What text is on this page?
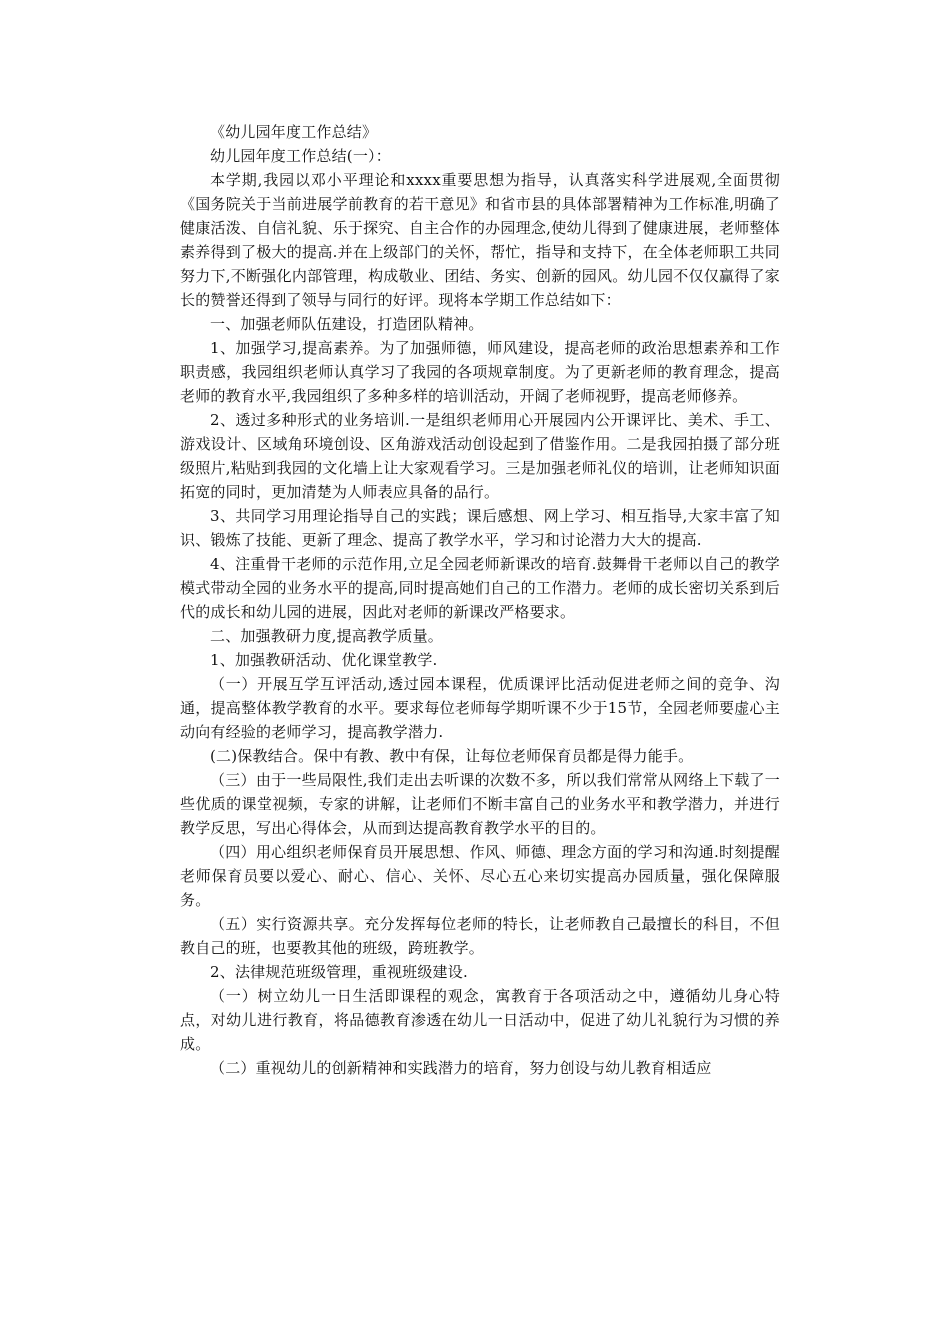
《幼儿园年度工作总结》

幼儿园年度工作总结(一）：

本学期,我园以邓小平理论和xxxx重要思想为指导，认真落实科学进展观,全面贯彻《国务院关于当前进展学前教育的若干意见》和省市县的具体部署精神为工作标准,明确了健康活泼、自信礼貌、乐于探究、自主合作的办园理念,使幼儿得到了健康进展，老师整体素养得到了极大的提高.并在上级部门的关怀，帮忙，指导和支持下，在全体老师职工共同努力下,不断强化内部管理，构成敬业、团结、务实、创新的园风。幼儿园不仅仅赢得了家长的赞誉还得到了领导与同行的好评。现将本学期工作总结如下：

一、加强老师队伍建设，打造团队精神。

1、加强学习,提高素养。为了加强师德，师风建设，提高老师的政治思想素养和工作职责感，我园组织老师认真学习了我园的各项规章制度。为了更新老师的教育理念，提高老师的教育水平,我园组织了多种多样的培训活动，开阔了老师视野，提高老师修养。

2、透过多种形式的业务培训.一是组织老师用心开展园内公开课评比、美术、手工、游戏设计、区域角环境创设、区角游戏活动创设起到了借鉴作用。二是我园拍摄了部分班级照片,粘贴到我园的文化墙上让大家观看学习。三是加强老师礼仪的培训，让老师知识面拓宽的同时，更加清楚为人师表应具备的品行。

3、共同学习用理论指导自己的实践；课后感想、网上学习、相互指导,大家丰富了知识、锻炼了技能、更新了理念、提高了教学水平，学习和讨论潜力大大的提高.

4、注重骨干老师的示范作用,立足全园老师新课改的培育.鼓舞骨干老师以自己的教学模式带动全园的业务水平的提高,同时提高她们自己的工作潜力。老师的成长密切关系到后代的成长和幼儿园的进展，因此对老师的新课改严格要求。

二、加强教研力度,提高教学质量。

1、加强教研活动、优化课堂教学.

（一）开展互学互评活动,透过园本课程，优质课评比活动促进老师之间的竞争、沟通，提高整体教学教育的水平。要求每位老师每学期听课不少于15节，全园老师要虚心主动向有经验的老师学习，提高教学潜力.

(二)保教结合。保中有教、教中有保，让每位老师保育员都是得力能手。

（三）由于一些局限性,我们走出去听课的次数不多，所以我们常常从网络上下载了一些优质的课堂视频，专家的讲解，让老师们不断丰富自己的业务水平和教学潜力，并进行教学反思，写出心得体会，从而到达提高教育教学水平的目的。

（四）用心组织老师保育员开展思想、作风、师德、理念方面的学习和沟通.时刻提醒老师保育员要以爱心、耐心、信心、关怀、尽心五心来切实提高办园质量，强化保障服务。

（五）实行资源共享。充分发挥每位老师的特长，让老师教自己最擅长的科目，不但教自己的班，也要教其他的班级，跨班教学。

2、法律规范班级管理，重视班级建设.

（一）树立幼儿一日生活即课程的观念，寓教育于各项活动之中，遵循幼儿身心特点，对幼儿进行教育，将品德教育渗透在幼儿一日活动中，促进了幼儿礼貌行为习惯的养成。

（二）重视幼儿的创新精神和实践潜力的培育，努力创设与幼儿教育相适应
